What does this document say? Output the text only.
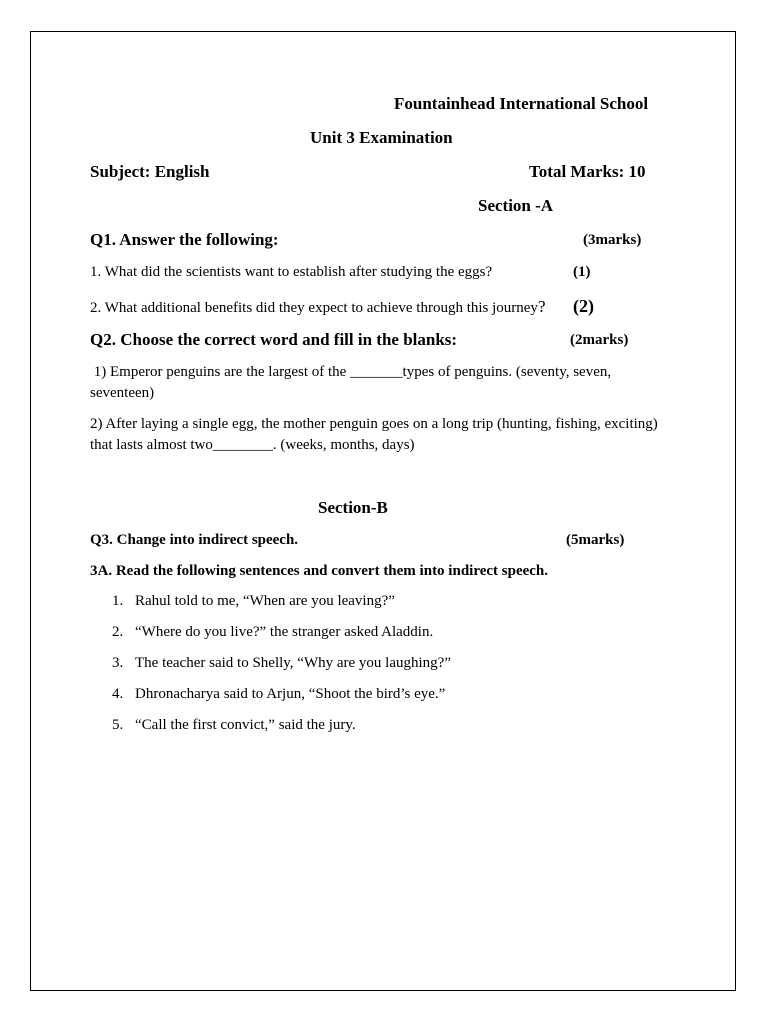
Fountainhead International School
Unit 3 Examination
Subject: English	Total Marks: 10
Section -A
Q1. Answer the following:	(3marks)
1. What did the scientists want to establish after studying the eggs?	(1)
2. What additional benefits did they expect to achieve through this journey? (2)
Q2. Choose the correct word and fill in the blanks:	(2marks)
1) Emperor penguins are the largest of the _______types of penguins. (seventy, seven, seventeen)
2) After laying a single egg, the mother penguin goes on a long trip (hunting, fishing, exciting) that lasts almost two________. (weeks, months, days)
Section-B
Q3. Change into indirect speech.	(5marks)
3A. Read the following sentences and convert them into indirect speech.
1. Rahul told to me, “When are you leaving?”
2. “Where do you live?” the stranger asked Aladdin.
3. The teacher said to Shelly, “Why are you laughing?”
4. Dhronacharya said to Arjun, “Shoot the bird’s eye.”
5. “Call the first convict,” said the jury.
